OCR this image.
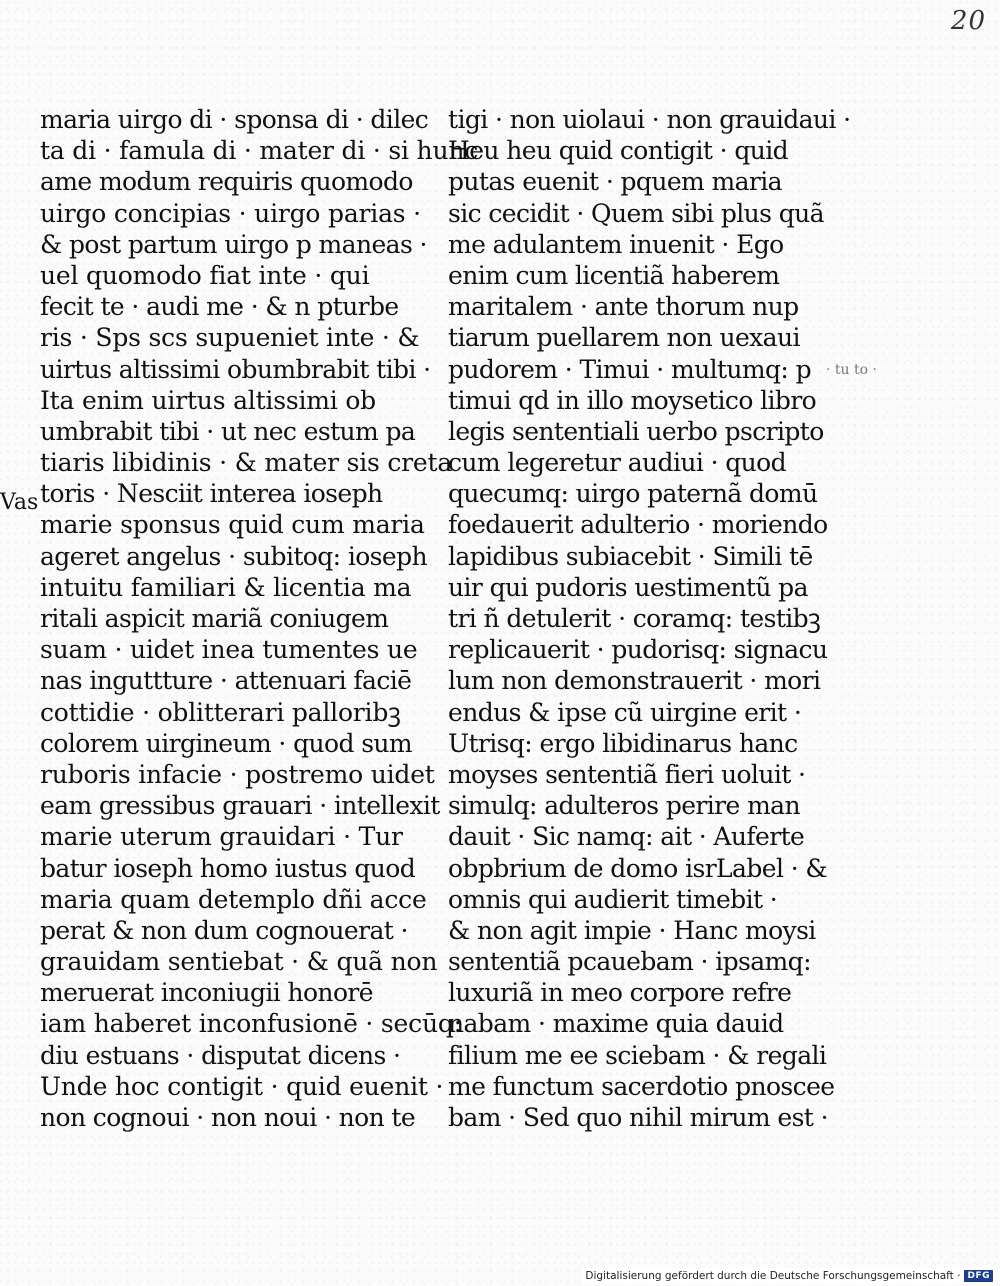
20
maria uirgo di · sponsa di · dilec
ta di · famula di · mater di · si hunc
ame modum requiris quomodo
uirgo concipias · uirgo parias ·
& post partum uirgo p maneas ·
uel quomodo fiat inte · qui
fecit te · audi me · & n pturbe
ris · Sps scs supueniet inte · &
uirtus altissimi obumbrabit tibi ·
Ita enim uirtus altissimi ob
umbrabit tibi · ut nec estum pa
tiaris libidinis · & mater sis creta
toris · Nesciit interea ioseph
marie sponsus quid cum maria
ageret angelus · subitoq: ioseph
intuitu familiari & licentia ma
ritali aspicit mariã coniugem
suam · uidet inea tumentes ue
nas inguttture · attenuari faciē
cottidie · oblitterari palloribꝫ
colorem uirgineum · quod sum
ruboris infacie · postremo uidet
eam gressibus grauari · intellexit
marie uterum grauidari · Tur
batur ioseph homo iustus quod
maria quam detemplo dñi acce
perat & non dum cognouerat ·
grauidam sentiebat · & quã non
meruerat inconiugii honorē
iam haberet inconfusionē · secūq:
diu estuans · disputat dicens ·
Unde hoc contigit · quid euenit ·
non cognoui · non noui · non te
tigi · non uiolaui · non grauidaui ·
Heu heu quid contigit · quid
putas euenit · pquem maria
sic cecidit · Quem sibi plus quã
me adulantem inuenit · Ego
enim cum licentiã haberem
maritalem · ante thorum nup
tiarum puellarem non uexaui
pudorem · Timui · multumq: p
timui qd in illo moysetico libro
legis sententiali uerbo pscripto
cum legeretur audiui · quod
quecumq: uirgo paternã domū
foedauerit adulterio · moriendo
lapidibus subiacebit · Simili tē
uir qui pudoris uestimentũ pa
tri ñ detulerit · coramq: testibꝫ
replicauerit · pudorisq: signacu
lum non demonstrauerit · mori
endus & ipse cũ uirgine erit ·
Utrisq: ergo libidinarus hanc
moyses sententiã fieri uoluit ·
simulq: adulteros perire man
dauit · Sic namq: ait · Auferte
obpbrium de domo isrLabel · &
omnis qui audierit timebit ·
& non agit impie · Hanc moysi
sententiã pcauebam · ipsamq:
luxuriã in meo corpore refre
nabam · maxime quia dauid
filium me ee sciebam · & regali
me functum sacerdotio pnoscee
bam · Sed quo nihil mirum est ·
Vas
· tu to ·
Digitalisierung gefördert durch die Deutsche Forschungsgemeinschaft · DFG
